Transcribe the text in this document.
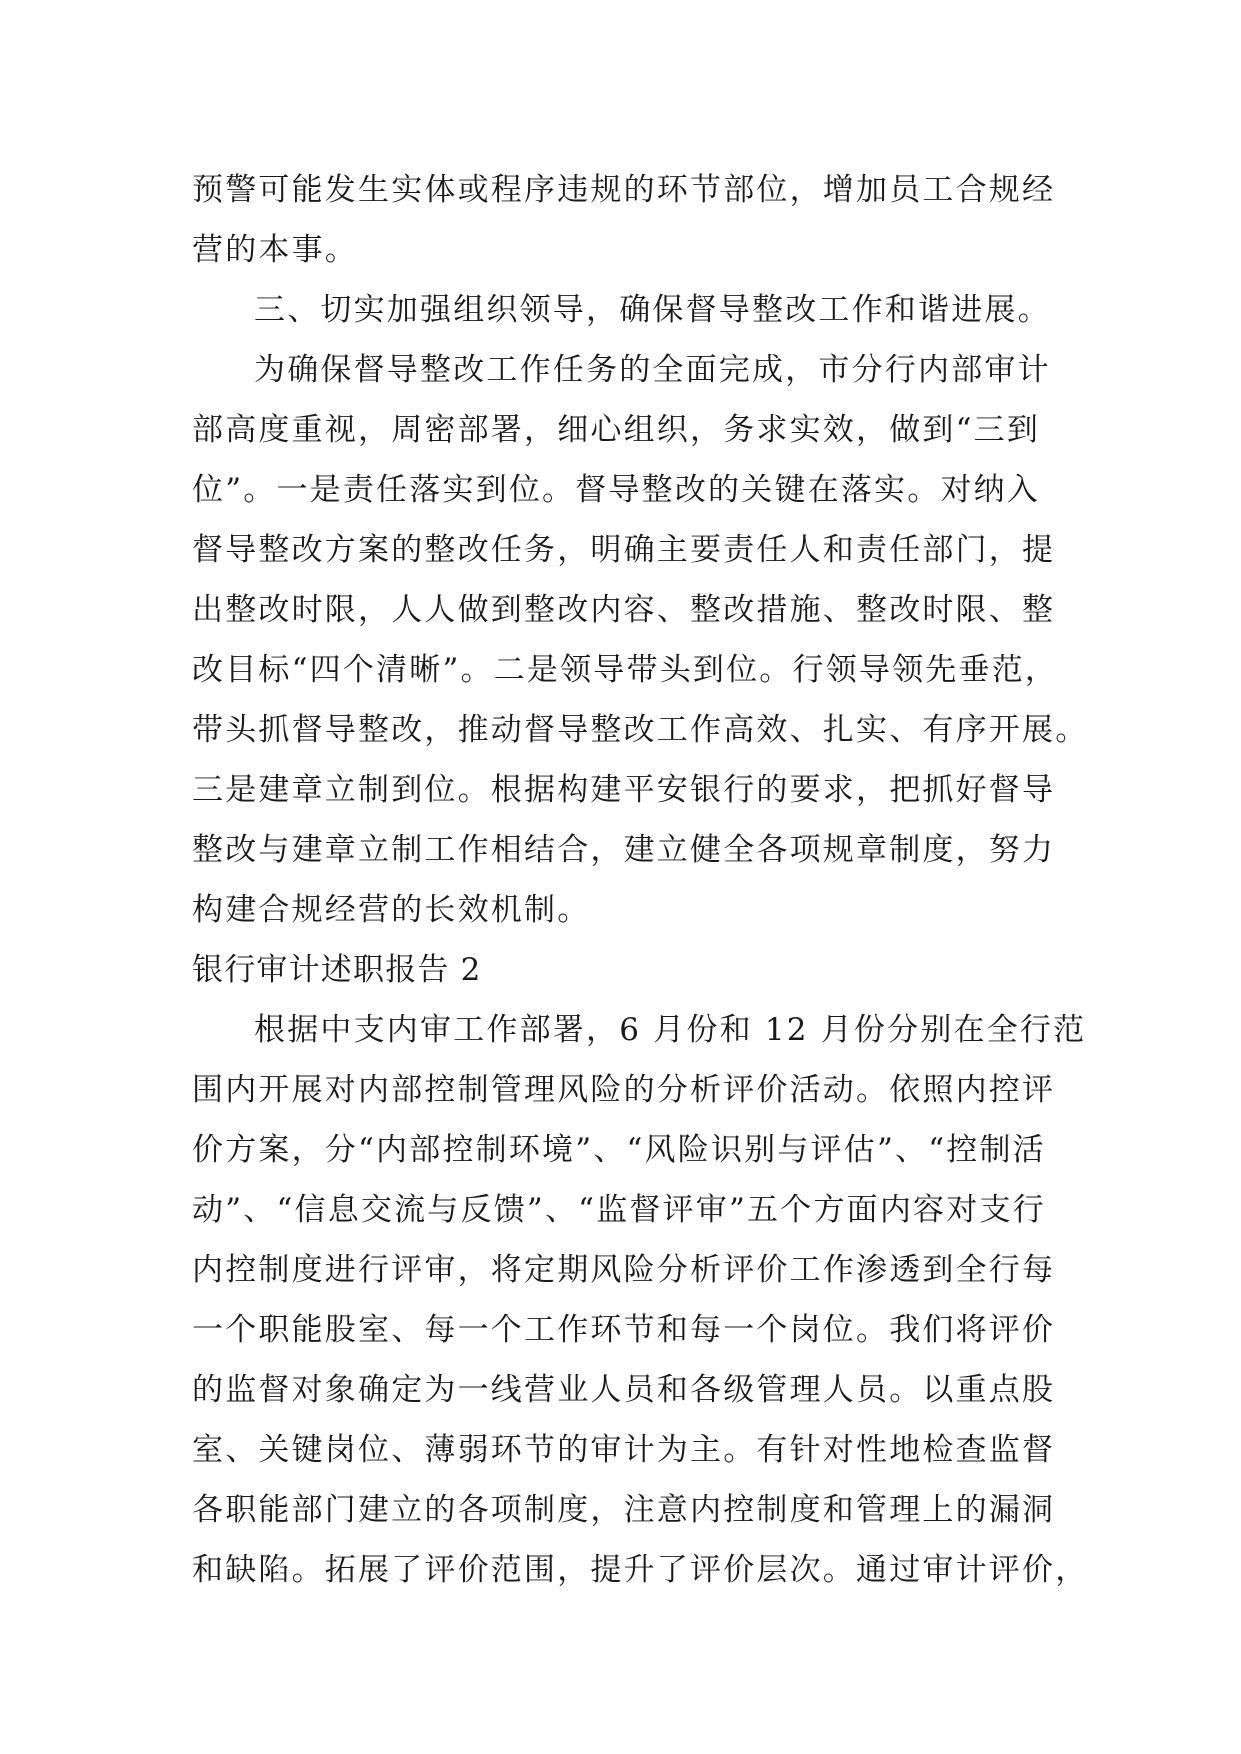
预警可能发生实体或程序违规的环节部位，增加员工合规经
营的本事。
三、切实加强组织领导，确保督导整改工作和谐进展。
为确保督导整改工作任务的全面完成，市分行内部审计
部高度重视，周密部署，细心组织，务求实效，做到“三到
位”。一是责任落实到位。督导整改的关键在落实。对纳入
督导整改方案的整改任务，明确主要责任人和责任部门，提
出整改时限，人人做到整改内容、整改措施、整改时限、整
改目标“四个清晰”。二是领导带头到位。行领导领先垂范，
带头抓督导整改，推动督导整改工作高效、扎实、有序开展。
三是建章立制到位。根据构建平安银行的要求，把抓好督导
整改与建章立制工作相结合，建立健全各项规章制度，努力
构建合规经营的长效机制。
银行审计述职报告 2
根据中支内审工作部署，6 月份和 12 月份分别在全行范
围内开展对内部控制管理风险的分析评价活动。依照内控评
价方案，分“内部控制环境”、“风险识别与评估”、“控制活
动”、“信息交流与反馈”、“监督评审”五个方面内容对支行
内控制度进行评审，将定期风险分析评价工作渗透到全行每
一个职能股室、每一个工作环节和每一个岗位。我们将评价
的监督对象确定为一线营业人员和各级管理人员。以重点股
室、关键岗位、薄弱环节的审计为主。有针对性地检查监督
各职能部门建立的各项制度，注意内控制度和管理上的漏洞
和缺陷。拓展了评价范围，提升了评价层次。通过审计评价，
